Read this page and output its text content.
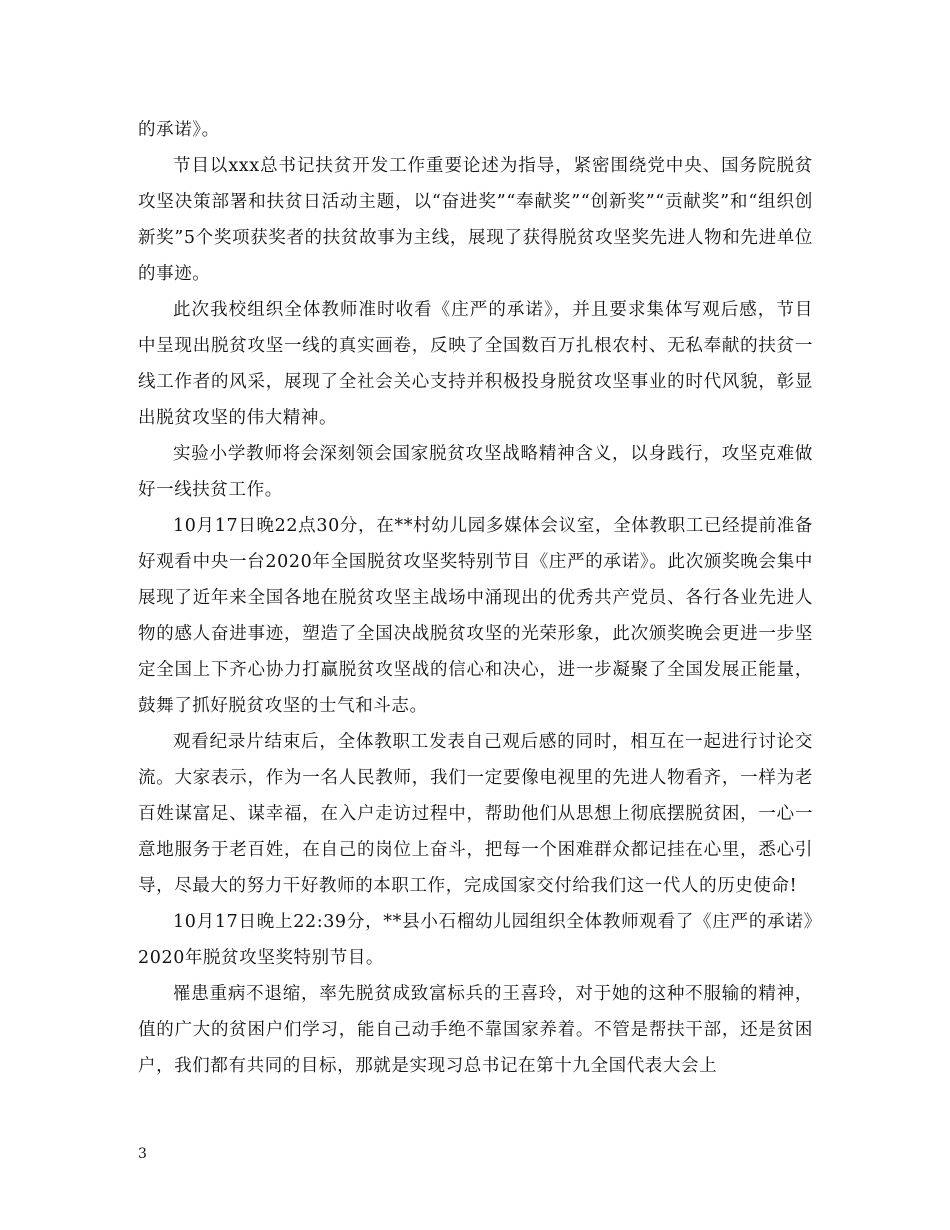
的承诺》。

节目以xxx总书记扶贫开发工作重要论述为指导，紧密围绕党中央、国务院脱贫攻坚决策部署和扶贫日活动主题，以“奋进奖”“奉献奖”“创新奖”“贡献奖”和“组织创新奖”5个奖项获奖者的扶贫故事为主线，展现了获得脱贫攻坚奖先进人物和先进单位的事迹。

此次我校组织全体教师准时收看《庄严的承诺》，并且要求集体写观后感，节目中呈现出脱贫攻坚一线的真实画卷，反映了全国数百万扎根农村、无私奉献的扶贫一线工作者的风采，展现了全社会关心支持并积极投身脱贫攻坚事业的时代风貌，彰显出脱贫攻坚的伟大精神。

实验小学教师将会深刻领会国家脱贫攻坚战略精神含义，以身践行，攻坚克难做好一线扶贫工作。

10月17日晚22点30分，在**村幼儿园多媒体会议室，全体教职工已经提前准备好观看中央一台2020年全国脱贫攻坚奖特别节目《庄严的承诺》。此次颁奖晚会集中展现了近年来全国各地在脱贫攻坚主战场中涌现出的优秀共产党员、各行各业先进人物的感人奋进事迹，塑造了全国决战脱贫攻坚的光荣形象，此次颁奖晚会更进一步坚定全国上下齐心协力打赢脱贫攻坚战的信心和决心，进一步凝聚了全国发展正能量，鼓舞了抓好脱贫攻坚的士气和斗志。

观看纪录片结束后，全体教职工发表自己观后感的同时，相互在一起进行讨论交流。大家表示，作为一名人民教师，我们一定要像电视里的先进人物看齐，一样为老百姓谋富足、谋幸福，在入户走访过程中，帮助他们从思想上彻底摆脱贫困，一心一意地服务于老百姓，在自己的岗位上奋斗，把每一个困难群众都记挂在心里，悉心引导，尽最大的努力干好教师的本职工作，完成国家交付给我们这一代人的历史使命!

10月17日晚上22:39分，**县小石榴幼儿园组织全体教师观看了《庄严的承诺》2020年脱贫攻坚奖特别节目。

罹患重病不退缩，率先脱贫成致富标兵的王喜玲，对于她的这种不服输的精神，值的广大的贫困户们学习，能自己动手绝不靠国家养着。不管是帮扶干部，还是贫困户，我们都有共同的目标，那就是实现习总书记在第十九全国代表大会上

3
